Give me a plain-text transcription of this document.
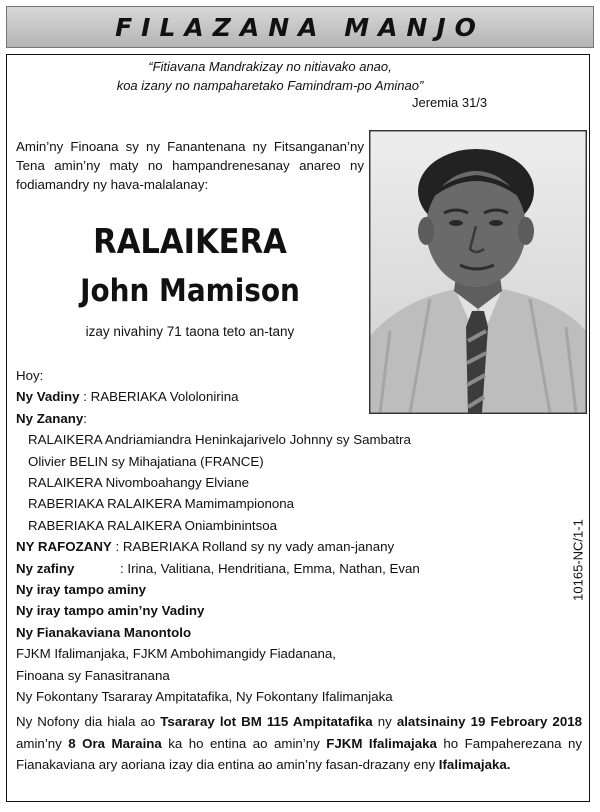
FILAZANA MANJO
“Fitiavana Mandrakizay no nitiavako anao,
koa izany no nampaharetako Famindram-po Aminao”
Jeremia 31/3
Amin’ny Finoana sy ny Fanantenana ny Fitsanganan’ny Tena amin’ny maty no hampandrenesanay anareo ny fodiamandry ny hava-malalanay:
RALAIKERA
John Mamison
izay nivahiny 71 taona teto an-tany
Hoy:
Ny Vadiny : RABERIAKA Vololonirina
Ny Zanany:
RALAIKERA Andriamiandra Heninkajarivelo Johnny sy Sambatra
Olivier BELIN sy Mihajatiana (FRANCE)
RALAIKERA Nivomboahangy Elviane
RABERIAKA RALAIKERA Mamimampionona
RABERIAKA RALAIKERA Oniambinintsoa
NY RAFOZANY : RABERIAKA Rolland sy ny vady aman-janany
Ny zafiny	: Irina, Valitiana, Hendritiana, Emma, Nathan, Evan
Ny iray tampo aminy
Ny iray tampo amin’ny Vadiny
Ny Fianakaviana Manontolo
FJKM Ifalimanjaka, FJKM Ambohimangidy Fiadanana,
Finoana sy Fanasitranana
Ny Fokontany Tsararay Ampitatafika, Ny Fokontany Ifalimanjaka
10165-NC/1-1
Ny Nofony dia hiala ao Tsararay lot BM 115 Ampitatafika ny alatsinainy 19 Febroary 2018 amin’ny 8 Ora Maraina ka ho entina ao amin’ny FJKM Ifalimajaka ho Fampaherezana ny Fianakaviana ary aoriana izay dia entina ao amin’ny fasan-drazany eny Ifalimajaka.
